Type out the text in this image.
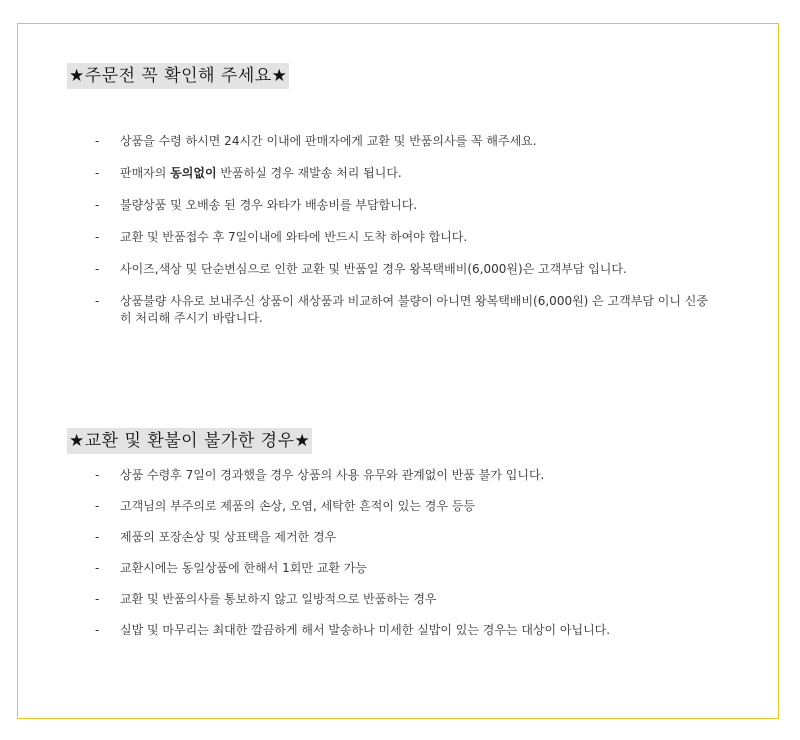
★주문전 꼭 확인해 주세요★
- 상품을 수령 하시면 24시간 이내에 판매자에게 교환 및 반품의사를 꼭 해주세요.
- 판매자의 동의없이 반품하실 경우 재발송 처리 됩니다.
- 불량상품 및 오배송 된 경우 와타가 배송비를 부담합니다.
- 교환 및 반품접수 후 7일이내에 와타에 반드시 도착 하여야 합니다.
- 사이즈,색상 및 단순변심으로 인한 교환 및 반품일 경우 왕복택배비(6,000원)은 고객부담 입니다.
- 상품불량 사유로 보내주신 상품이 새상품과 비교하여 불량이 아니면 왕복택배비(6,000원) 은 고객부담 이니 신중히 처리해 주시기 바랍니다.
★교환 및 환불이 불가한 경우★
- 상품 수령후 7일이 경과했을 경우 상품의 사용 유무와 관계없이 반품 불가 입니다.
- 고객님의 부주의로 제품의 손상, 오염, 세탁한 흔적이 있는 경우 등등
- 제품의 포장손상 및 상표택을 제거한 경우
- 교환시에는 동일상품에 한해서 1회만 교환 가능
- 교환 및 반품의사를 통보하지 않고 일방적으로 반품하는 경우
- 실밥 및 마무리는 최대한 깔끔하게 해서 발송하나 미세한 실밥이 있는 경우는 대상이 아닙니다.
